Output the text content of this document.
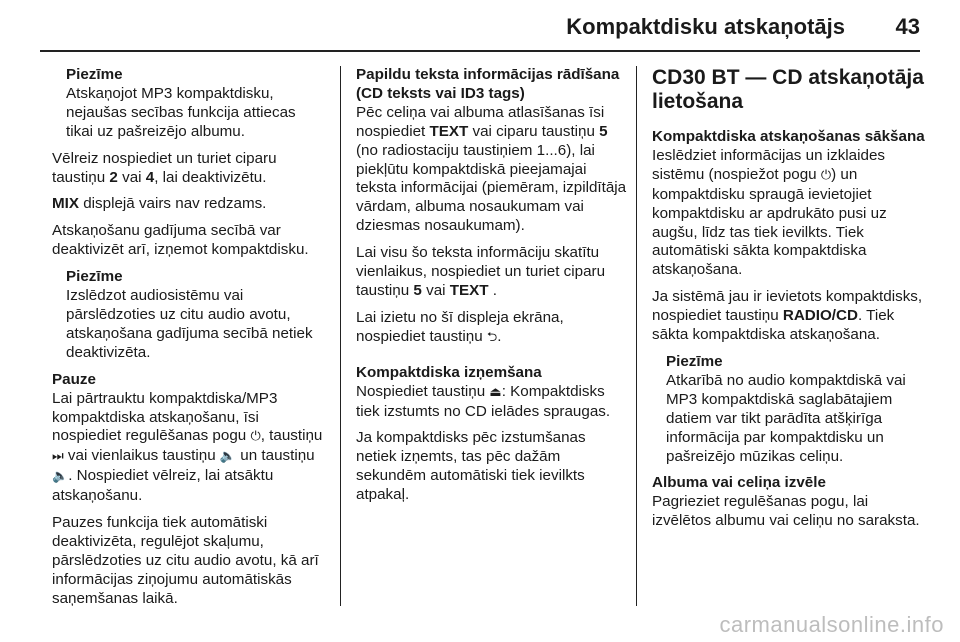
Kompaktdisku atskaņotājs 43
Piezīme
Atskaņojot MP3 kompaktdisku, nejaušas secības funkcija attiecas tikai uz pašreizējo albumu.

Vēlreiz nospiediet un turiet ciparu taustiņu 2 vai 4, lai deaktivizētu.

MIX displejā vairs nav redzams.

Atskaņošanu gadījuma secībā var deaktivizēt arī, izņemot kompaktdisku.

Piezīme
Izslēdzot audiosistēmu vai pārslēdzoties uz citu audio avotu, atskaņošana gadījuma secībā netiek deaktivizēta.

Pauze
Lai pārtrauktu kompaktdiska/MP3 kompaktdiska atskaņošanu, īsi nospiediet regulēšanas pogu ⏻, taustiņu ⏭ vai vienlaikus taustiņu 🔈 un taustiņu 🔈. Nospiediet vēlreiz, lai atsāktu atskaņošanu.

Pauzes funkcija tiek automātiski deaktivizēta, regulējot skaļumu, pārslēdzoties uz citu audio avotu, kā arī informācijas ziņojumu automātiskās saņemšanas laikā.

Papildu teksta informācijas rādīšana (CD teksts vai ID3 tags)
Pēc celiņa vai albuma atlasīšanas īsi nospiediet TEXT vai ciparu taustiņu 5 (no radiostaciju taustiņiem 1...6), lai piekļūtu kompaktdiskā pieejamajai teksta informācijai (piemēram, izpildītāja vārdam, albuma nosaukumam vai dziesmas nosaukumam).

Lai visu šo teksta informāciju skatītu vienlaikus, nospiediet un turiet ciparu taustiņu 5 vai TEXT .

Lai izietu no šī displeja ekrāna, nospiediet taustiņu ⮌.

Kompaktdiska izņemšana
Nospiediet taustiņu ⏏: Kompaktdisks tiek izstumts no CD ielādes spraugas.

Ja kompaktdisks pēc izstumšanas netiek izņemts, tas pēc dažām sekundēm automātiski tiek ievilkts atpakaļ.

CD30 BT — CD atskaņotāja lietošana

Kompaktdiska atskaņošanas sākšana
Ieslēdziet informācijas un izklaides sistēmu (nospiežot pogu ⏻) un kompaktdisku spraugā ievietojiet kompaktdisku ar apdrukāto pusi uz augšu, līdz tas tiek ievilkts. Tiek automātiski sākta kompaktdiska atskaņošana.

Ja sistēmā jau ir ievietots kompaktdisks, nospiediet taustiņu RADIO/CD. Tiek sākta kompaktdiska atskaņošana.

Piezīme
Atkarībā no audio kompaktdiskā vai MP3 kompaktdiskā saglabātajiem datiem var tikt parādīta atšķirīga informācija par kompaktdisku un pašreizējo mūzikas celiņu.

Albuma vai celiņa izvēle
Pagrieziet regulēšanas pogu, lai izvēlētos albumu vai celiņu no saraksta.

carmanualsonline.info
